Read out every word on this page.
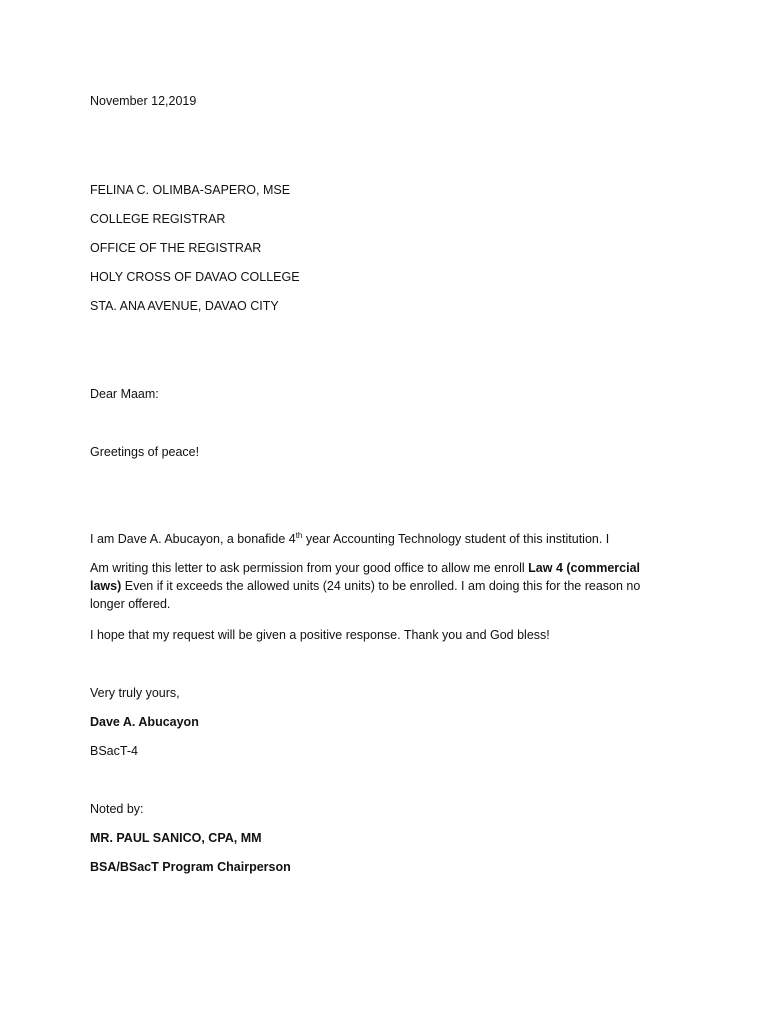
November 12,2019
FELINA C. OLIMBA-SAPERO, MSE
COLLEGE REGISTRAR
OFFICE OF THE REGISTRAR
HOLY CROSS OF DAVAO COLLEGE
STA. ANA AVENUE, DAVAO CITY
Dear Maam:
Greetings of peace!
I am Dave A. Abucayon, a bonafide 4th year Accounting Technology student of this institution. I
Am writing this letter to ask permission from your good office to allow me enroll Law 4 (commercial laws) Even if it exceeds the allowed units (24 units) to be enrolled. I am doing this for the reason no longer offered.
I hope that my request will be given a positive response. Thank you and God bless!
Very truly yours,
Dave A. Abucayon
BSacT-4
Noted by:
MR. PAUL SANICO, CPA, MM
BSA/BSacT Program Chairperson
